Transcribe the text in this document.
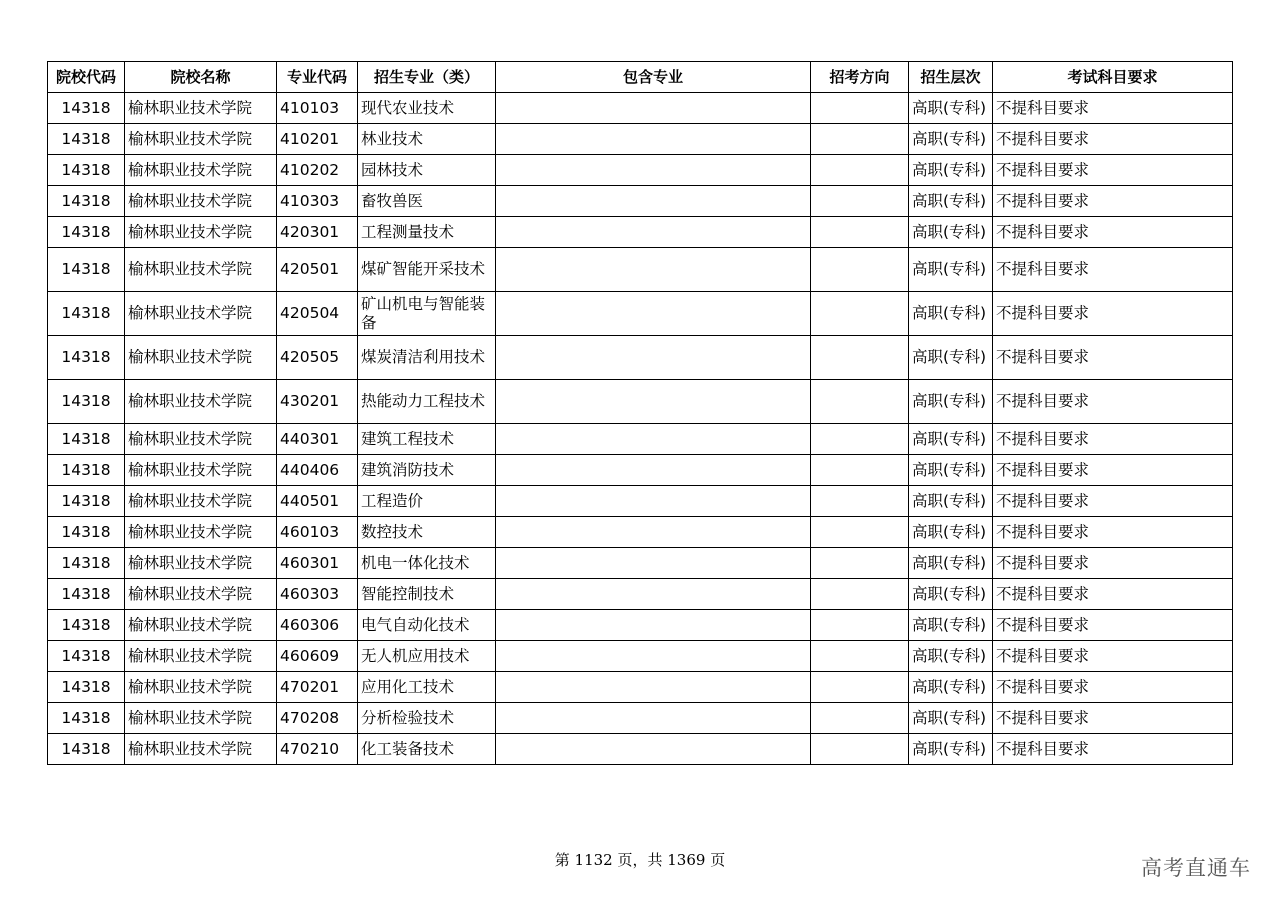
院校代码	院校名称	专业代码	招生专业（类）	包含专业	招考方向	招生层次	考试科目要求
14318	榆林职业技术学院	410103	现代农业技术			高职(专科)	不提科目要求
14318	榆林职业技术学院	410201	林业技术			高职(专科)	不提科目要求
14318	榆林职业技术学院	410202	园林技术			高职(专科)	不提科目要求
14318	榆林职业技术学院	410303	畜牧兽医			高职(专科)	不提科目要求
14318	榆林职业技术学院	420301	工程测量技术			高职(专科)	不提科目要求
14318	榆林职业技术学院	420501	煤矿智能开采技术			高职(专科)	不提科目要求
14318	榆林职业技术学院	420504	矿山机电与智能装备			高职(专科)	不提科目要求
14318	榆林职业技术学院	420505	煤炭清洁利用技术			高职(专科)	不提科目要求
14318	榆林职业技术学院	430201	热能动力工程技术			高职(专科)	不提科目要求
14318	榆林职业技术学院	440301	建筑工程技术			高职(专科)	不提科目要求
14318	榆林职业技术学院	440406	建筑消防技术			高职(专科)	不提科目要求
14318	榆林职业技术学院	440501	工程造价			高职(专科)	不提科目要求
14318	榆林职业技术学院	460103	数控技术			高职(专科)	不提科目要求
14318	榆林职业技术学院	460301	机电一体化技术			高职(专科)	不提科目要求
14318	榆林职业技术学院	460303	智能控制技术			高职(专科)	不提科目要求
14318	榆林职业技术学院	460306	电气自动化技术			高职(专科)	不提科目要求
14318	榆林职业技术学院	460609	无人机应用技术			高职(专科)	不提科目要求
14318	榆林职业技术学院	470201	应用化工技术			高职(专科)	不提科目要求
14318	榆林职业技术学院	470208	分析检验技术			高职(专科)	不提科目要求
14318	榆林职业技术学院	470210	化工装备技术			高职(专科)	不提科目要求
第 1132 页，共 1369 页	高考直通车
